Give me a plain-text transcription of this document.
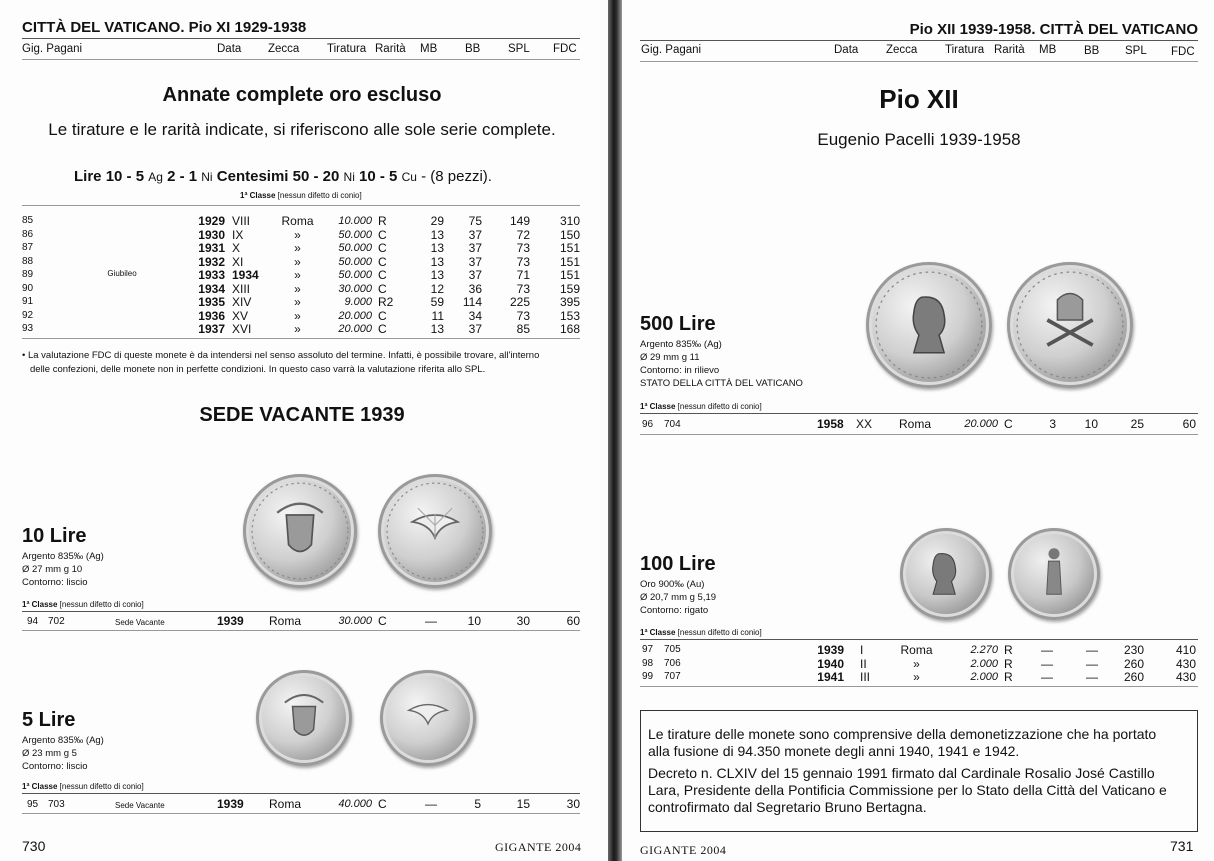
CITTÀ DEL VATICANO. Pio XI 1929-1938
Gig. Pagani	Data Zecca Tiratura Rarità MB BB SPL FDC
Annate complete oro escluso
Le tirature e le rarità indicate, si riferiscono alle sole serie complete.
Lire 10 - 5 Ag 2 - 1 Ni Centesimi 50 - 20 Ni 10 - 5 Cu - (8 pezzi).
1ª Classe [nessun difetto di conio]
85	1929 VIII	Roma	10.000 R	29	75	149	310
86	1930 IX	»	50.000 C	13	37	72	150
87	1931 X	»	50.000 C	13	37	73	151
88	1932 XI	»	50.000 C	13	37	73	151
89	Giubileo	1933 1934	»	50.000 C	13	37	71	151
90	1934 XIII	»	30.000 C	12	36	73	159
91	1935 XIV	»	9.000 R2	59	114	225	395
92	1936 XV	»	20.000 C	11	34	73	153
93	1937 XVI	»	20.000 C	13	37	85	168
• La valutazione FDC di queste monete è da intendersi nel senso assoluto del termine. Infatti, è possibile trovare, all'interno
delle confezioni, delle monete non in perfette condizioni. In questo caso varrà la valutazione riferita allo SPL.
SEDE VACANTE 1939
10 Lire
Argento 835‰ (Ag)
Ø 27 mm g 10
Contorno: liscio
1ª Classe [nessun difetto di conio]
94 702	Sede Vacante	1939 Roma	30.000 C	—	10	30	60
5 Lire
Argento 835‰ (Ag)
Ø 23 mm g 5
Contorno: liscio
1ª Classe [nessun difetto di conio]
95 703	Sede Vacante	1939 Roma	40.000 C	—	5	15	30
730	GIGANTE 2004
Pio XII 1939-1958. CITTÀ DEL VATICANO
Gig. Pagani	Data Zecca Tiratura Rarità MB BB SPL FDC
Pio XII
Eugenio Pacelli 1939-1958
500 Lire
Argento 835‰ (Ag)
Ø 29 mm g 11
Contorno: in rilievo
STATO DELLA CITTÀ DEL VATICANO
1ª Classe [nessun difetto di conio]
96 704	1958 XX Roma	20.000 C	3	10	25	60
100 Lire
Oro 900‰ (Au)
Ø 20,7 mm g 5,19
Contorno: rigato
1ª Classe [nessun difetto di conio]
97	705	1939 I	Roma	2.270 R	—	—	230	410
98	706	1940 II	»	2.000 R	—	—	260	430
99	707	1941 III	»	2.000 R	—	—	260	430
Le tirature delle monete sono comprensive della demonetizzazione che ha portato
alla fusione di 94.350 monete degli anni 1940, 1941 e 1942.
Decreto n. CLXIV del 15 gennaio 1991 firmato dal Cardinale Rosalio José Castillo
Lara, Presidente della Pontificia Commissione per lo Stato della Città del Vaticano e
controfirmato dal Segretario Bruno Bertagna.
GIGANTE 2004	731
